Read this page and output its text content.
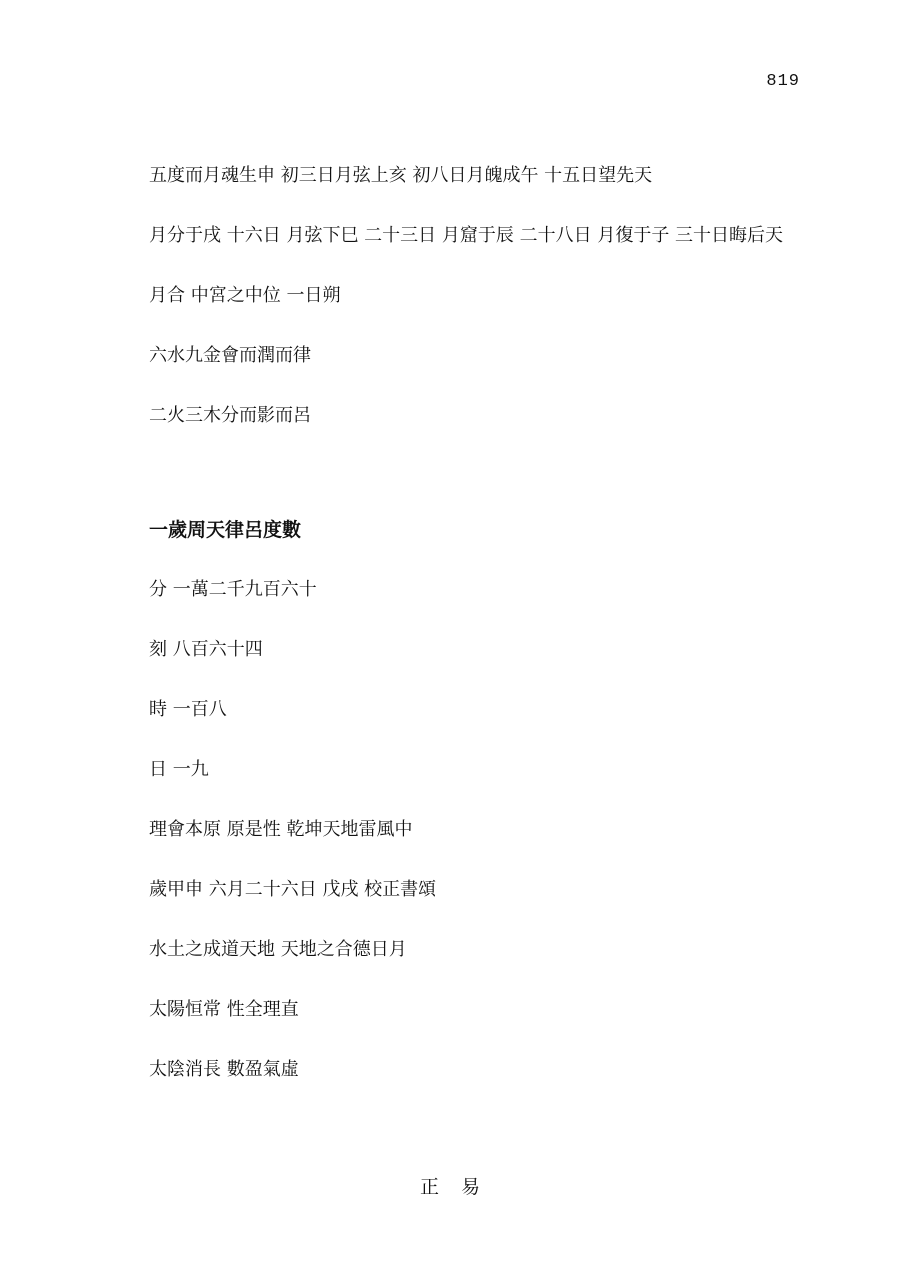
819

五度而月魂生申 初三日月弦上亥 初八日月魄成午 十五日望先天

月分于戌 十六日 月弦下巳 二十三日 月窟于辰 二十八日 月復于子 三十日晦后天

月合 中宮之中位 一日朔

六水九金會而潤而律

二火三木分而影而呂

一歲周天律呂度數

分 一萬二千九百六十

刻 八百六十四

時 一百八

日 一九

理會本原 原是性 乾坤天地雷風中

歲甲申 六月二十六日 戊戌 校正書頌

水土之成道天地 天地之合德日月

太陽恒常 性全理直

太陰消長 數盈氣虛

正易
